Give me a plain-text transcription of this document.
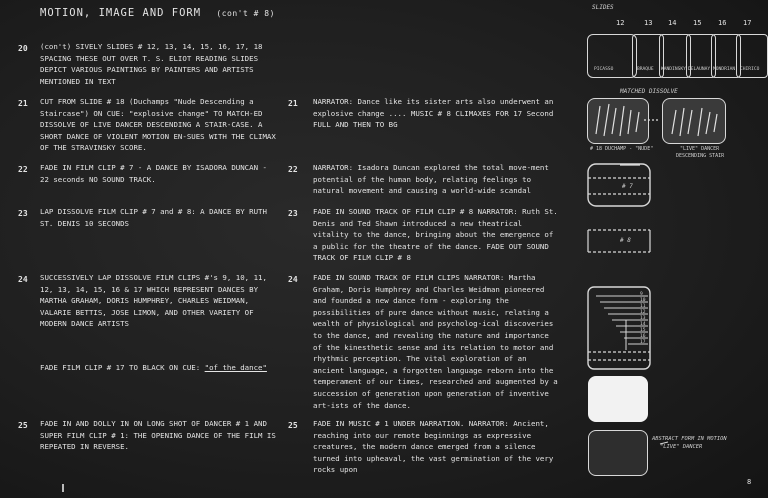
MOTION, IMAGE AND FORM (con't # 8)
20 (con't) SIVELY SLIDES # 12, 13, 14, 15, 16, 17, 18 SPACING THESE OUT OVER T. S. ELIOT READING SLIDES DEPICT VARIOUS PAINTINGS BY PAINTERS AND ARTISTS MENTIONED IN TEXT
21 CUT FROM SLIDE # 18 (Duchamps "Nude Descending a Staircase") ON CUE: "explosive change" TO MATCH-ED DISSOLVE OF LIVE DANCER DESCENDING A STAIR-CASE. A SHORT DANCE OF VIOLENT MOTION EN-SUES WITH THE CLIMAX OF THE STRAVINSKY SCORE.
21 NARRATOR: Dance like its sister arts also underwent an explosive change .... MUSIC # 8 CLIMAXES FOR 17 Second FULL AND THEN TO BG
22 FADE IN FILM CLIP # 7 - A DANCE BY ISADORA DUNCAN - 22 seconds NO SOUND TRACK.
22 NARRATOR: Isadora Duncan explored the total move-ment potential of the human body, relating feelings to natural movement and causing a world-wide scandal
23 LAP DISSOLVE FILM CLIP # 7 and # 8: A DANCE BY RUTH ST. DENIS 10 SECONDS
23 FADE IN SOUND TRACK OF FILM CLIP # 8 NARRATOR: Ruth St. Denis and Ted Shawn introduced a new theatrical vitality to the dance, bringing about the emergence of a public for the theatre of the dance. FADE OUT SOUND TRACK OF FILM CLIP # 8
24 SUCCESSIVELY LAP DISSOLVE FILM CLIPS #'s 9, 10, 11, 12, 13, 14, 15, 16 & 17 WHICH REPRESENT DANCES BY MARTHA GRAHAM, DORIS HUMPHREY, CHARLES WEIDMAN, VALARIE BETTIS, JOSE LIMON, AND OTHER VARIETY OF MODERN DANCE ARTISTS
FADE FILM CLIP # 17 TO BLACK ON CUE: "of the dance"
24 FADE IN SOUND TRACK OF FILM CLIPS NARRATOR: Martha Graham, Doris Humphrey and Charles Weidman pioneered and founded a new dance form - exploring the possibilities of pure dance without music, relating a wealth of physiological and psycholog-ical discoveries to the dance, and revealing the nature and importance of the kinesthetic sense and its relation to motor and rhythmic perception. The vital exploration of an ancient language, a forgotten language reborn into the temperament of our times, researched and augmented by a succession of generation upon generation of inventive art-ists of the dance.
25 FADE IN AND DOLLY IN ON LONG SHOT OF DANCER # 1 AND SUPER FILM CLIP # 1: THE OPENING DANCE OF THE FILM IS REPEATED IN REVERSE.
25 FADE IN MUSIC # 1 UNDER NARRATION. NARRATOR: Ancient, reaching into our remote beginnings as expressive creatures, the modern dance emerged from a silence turned into upheaval, the vast germination of the very rocks upon
SLIDES
12	13 14 15 16 17
PICASSO	BRAQUE KANDINSKY DELAUNAY MONDRIAN CHIRICO
MATCHED DISSOLVE
# 18 DUCHAMP - "NUDE"	"LIVE" DANCER
DESCENDING STAIR
# 7
# 8
9
10
11
12
13
14
15
16
17
ABSTRACT FORM IN MOTION
"LIVE" DANCER
8
